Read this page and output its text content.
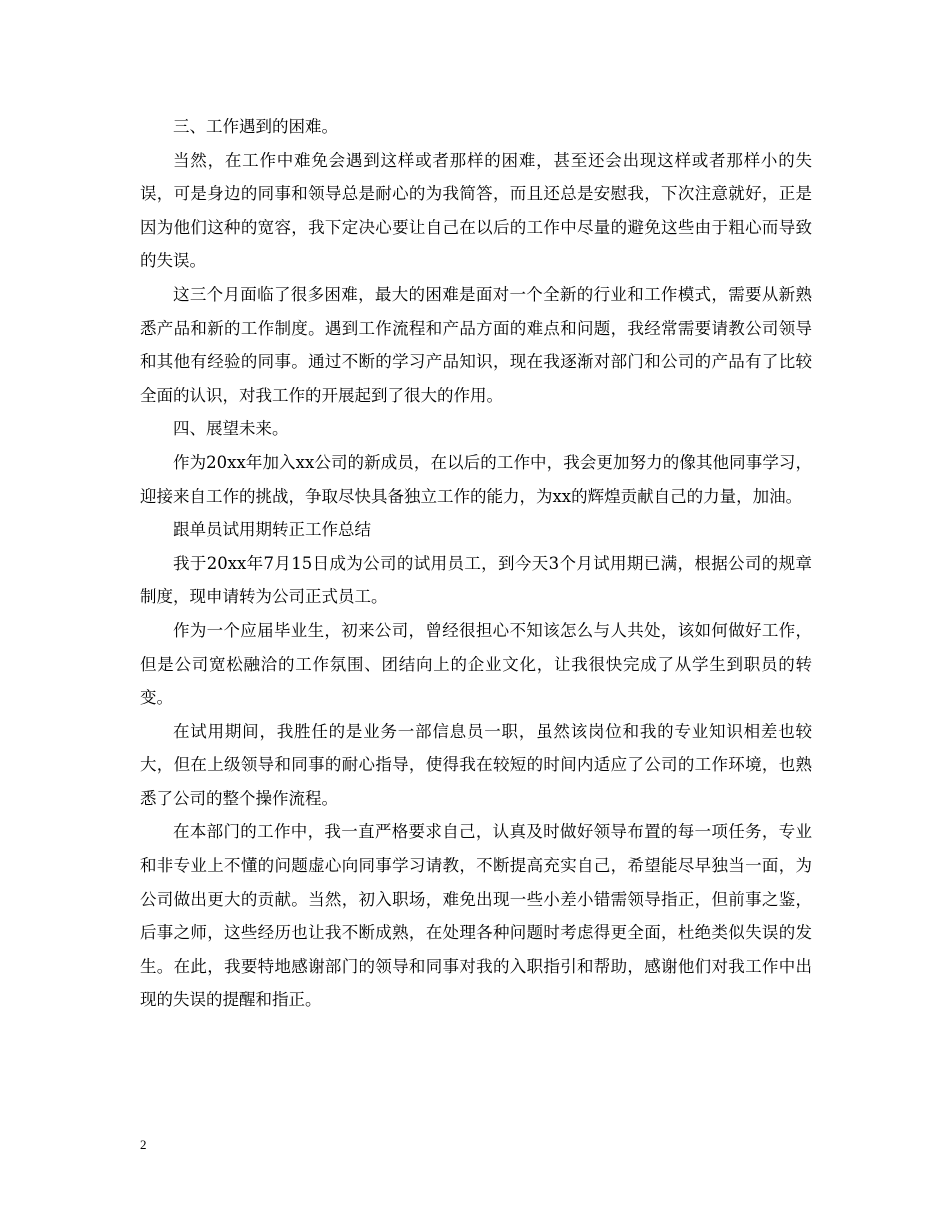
三、工作遇到的困难。

当然，在工作中难免会遇到这样或者那样的困难，甚至还会出现这样或者那样小的失误，可是身边的同事和领导总是耐心的为我简答，而且还总是安慰我，下次注意就好，正是因为他们这种的宽容，我下定决心要让自己在以后的工作中尽量的避免这些由于粗心而导致的失误。

这三个月面临了很多困难，最大的困难是面对一个全新的行业和工作模式，需要从新熟悉产品和新的工作制度。遇到工作流程和产品方面的难点和问题，我经常需要请教公司领导和其他有经验的同事。通过不断的学习产品知识，现在我逐渐对部门和公司的产品有了比较全面的认识，对我工作的开展起到了很大的作用。

四、展望未来。

作为20xx年加入xx公司的新成员，在以后的工作中，我会更加努力的像其他同事学习，迎接来自工作的挑战，争取尽快具备独立工作的能力，为xx的辉煌贡献自己的力量，加油。

跟单员试用期转正工作总结

我于20xx年7月15日成为公司的试用员工，到今天3个月试用期已满，根据公司的规章制度，现申请转为公司正式员工。

作为一个应届毕业生，初来公司，曾经很担心不知该怎么与人共处，该如何做好工作，但是公司宽松融洽的工作氛围、团结向上的企业文化，让我很快完成了从学生到职员的转变。

在试用期间，我胜任的是业务一部信息员一职，虽然该岗位和我的专业知识相差也较大，但在上级领导和同事的耐心指导，使得我在较短的时间内适应了公司的工作环境，也熟悉了公司的整个操作流程。

在本部门的工作中，我一直严格要求自己，认真及时做好领导布置的每一项任务，专业和非专业上不懂的问题虚心向同事学习请教，不断提高充实自己，希望能尽早独当一面，为公司做出更大的贡献。当然，初入职场，难免出现一些小差小错需领导指正，但前事之鉴，后事之师，这些经历也让我不断成熟，在处理各种问题时考虑得更全面，杜绝类似失误的发生。在此，我要特地感谢部门的领导和同事对我的入职指引和帮助，感谢他们对我工作中出现的失误的提醒和指正。

2
